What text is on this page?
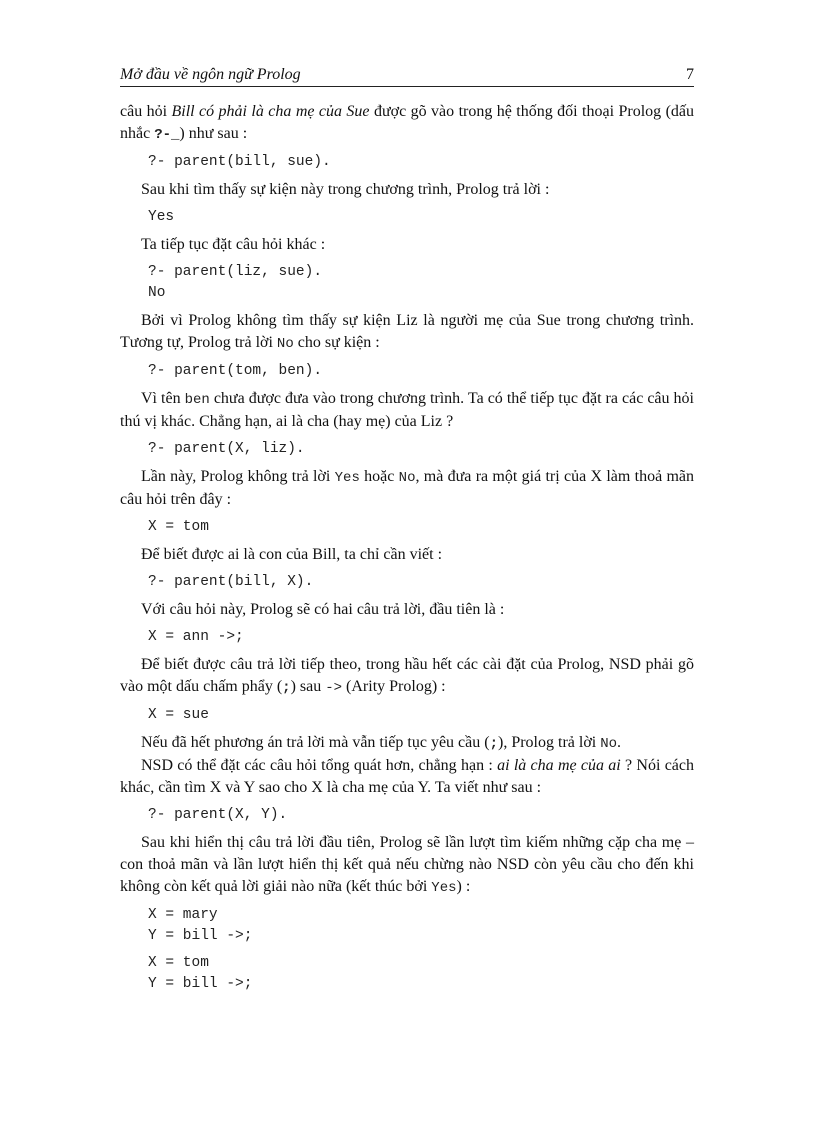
Mở đầu về ngôn ngữ Prolog	7

câu hỏi Bill có phải là cha mẹ của Sue được gõ vào trong hệ thống đối thoại Prolog (dấu nhắc ?-_) như sau :

?- parent(bill, sue).

Sau khi tìm thấy sự kiện này trong chương trình, Prolog trả lời :

Yes

Ta tiếp tục đặt câu hỏi khác :

?- parent(liz, sue).
No

Bởi vì Prolog không tìm thấy sự kiện Liz là người mẹ của Sue trong chương trình. Tương tự, Prolog trả lời No cho sự kiện :

?- parent(tom, ben).

Vì tên ben chưa được đưa vào trong chương trình. Ta có thể tiếp tục đặt ra các câu hỏi thú vị khác. Chẳng hạn, ai là cha (hay mẹ) của Liz ?

?- parent(X, liz).

Lần này, Prolog không trả lời Yes hoặc No, mà đưa ra một giá trị của X làm thoả mãn câu hỏi trên đây :

X = tom

Để biết được ai là con của Bill, ta chỉ cần viết :

?- parent(bill, X).

Với câu hỏi này, Prolog sẽ có hai câu trả lời, đầu tiên là :

X = ann ->;

Để biết được câu trả lời tiếp theo, trong hầu hết các cài đặt của Prolog, NSD phải gõ vào một dấu chấm phẩy (;) sau -> (Arity Prolog) :

X = sue

Nếu đã hết phương án trả lời mà vẫn tiếp tục yêu cầu (;), Prolog trả lời No.

NSD có thể đặt các câu hỏi tổng quát hơn, chẳng hạn : ai là cha mẹ của ai ? Nói cách khác, cần tìm X và Y sao cho X là cha mẹ của Y. Ta viết như sau :

?- parent(X, Y).

Sau khi hiển thị câu trả lời đầu tiên, Prolog sẽ lần lượt tìm kiếm những cặp cha mẹ – con thoả mãn và lần lượt hiển thị kết quả nếu chừng nào NSD còn yêu cầu cho đến khi không còn kết quả lời giải nào nữa (kết thúc bởi Yes) :

X = mary
Y = bill ->;
X = tom
Y = bill ->;
